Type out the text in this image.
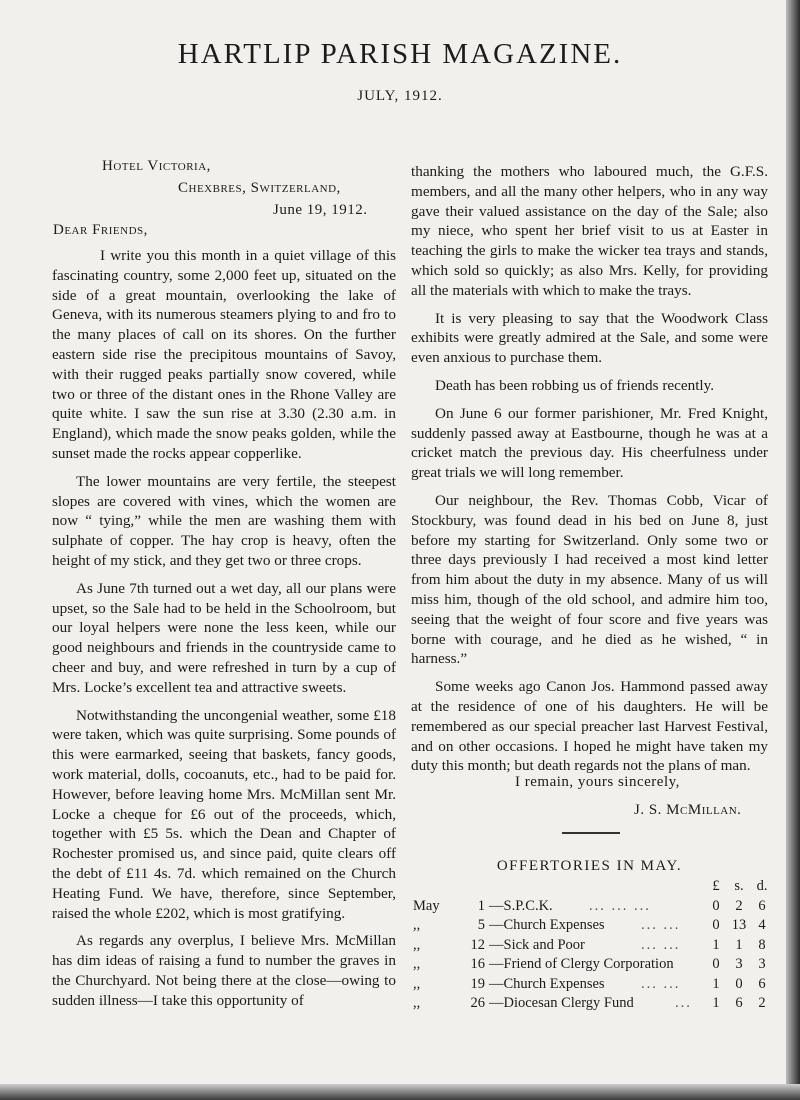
HARTLIP PARISH MAGAZINE.
JULY, 1912.
Hotel Victoria,
Chexbres, Switzerland,
June 19, 1912.
Dear Friends,

I write you this month in a quiet village of this fascinating country, some 2,000 feet up, situated on the side of a great mountain, overlooking the lake of Geneva, with its numerous steamers plying to and fro to the many places of call on its shores. On the further eastern side rise the precipitous mountains of Savoy, with their rugged peaks partially snow covered, while two or three of the distant ones in the Rhone Valley are quite white. I saw the sun rise at 3.30 (2.30 a.m. in England), which made the snow peaks golden, while the sunset made the rocks appear copperlike.

The lower mountains are very fertile, the steepest slopes are covered with vines, which the women are now “ tying,” while the men are washing them with sulphate of copper. The hay crop is heavy, often the height of my stick, and they get two or three crops.

As June 7th turned out a wet day, all our plans were upset, so the Sale had to be held in the Schoolroom, but our loyal helpers were none the less keen, while our good neighbours and friends in the countryside came to cheer and buy, and were refreshed in turn by a cup of Mrs. Locke’s excellent tea and attractive sweets.

Notwithstanding the uncongenial weather, some £18 were taken, which was quite surprising. Some pounds of this were earmarked, seeing that baskets, fancy goods, work material, dolls, cocoanuts, etc., had to be paid for. However, before leaving home Mrs. McMillan sent Mr. Locke a cheque for £6 out of the proceeds, which, together with £5 5s. which the Dean and Chapter of Rochester promised us, and since paid, quite clears off the debt of £11 4s. 7d. which remained on the Church Heating Fund. We have, therefore, since September, raised the whole £202, which is most gratifying.

As regards any overplus, I believe Mrs. McMillan has dim ideas of raising a fund to number the graves in the Churchyard. Not being there at the close—owing to sudden illness—I take this opportunity of

thanking the mothers who laboured much, the G.F.S. members, and all the many other helpers, who in any way gave their valued assistance on the day of the Sale; also my niece, who spent her brief visit to us at Easter in teaching the girls to make the wicker tea trays and stands, which sold so quickly; as also Mrs. Kelly, for providing all the materials with which to make the trays.

It is very pleasing to say that the Woodwork Class exhibits were greatly admired at the Sale, and some were even anxious to purchase them.

Death has been robbing us of friends recently.

On June 6 our former parishioner, Mr. Fred Knight, suddenly passed away at Eastbourne, though he was at a cricket match the previous day. His cheerfulness under great trials we will long remember.

Our neighbour, the Rev. Thomas Cobb, Vicar of Stockbury, was found dead in his bed on June 8, just before my starting for Switzerland. Only some two or three days previously I had received a most kind letter from him about the duty in my absence. Many of us will miss him, though of the old school, and admire him too, seeing that the weight of four score and five years was borne with courage, and he died as he wished, “ in harness.”

Some weeks ago Canon Jos. Hammond passed away at the residence of one of his daughters. He will be remembered as our special preacher last Harvest Festival, and on other occasions. I hoped he might have taken my duty this month; but death regards not the plans of man.

I remain, yours sincerely,
J. S. McMillan.
OFFERTORIES IN MAY.
£ s. d.
May	1 —S.P.C.K.	... ... ...	0	2	6
,,	5 —Church Expenses	... ... 0 13 4
,,	12 —Sick and Poor	... ... 1	1	8
,,	16 —Friend of Clergy Corporation	0	3	3
,,	19 —Church Expenses	... ... 1	0	6
,,	26 —Diocesan Clergy Fund	... 1	6	2
